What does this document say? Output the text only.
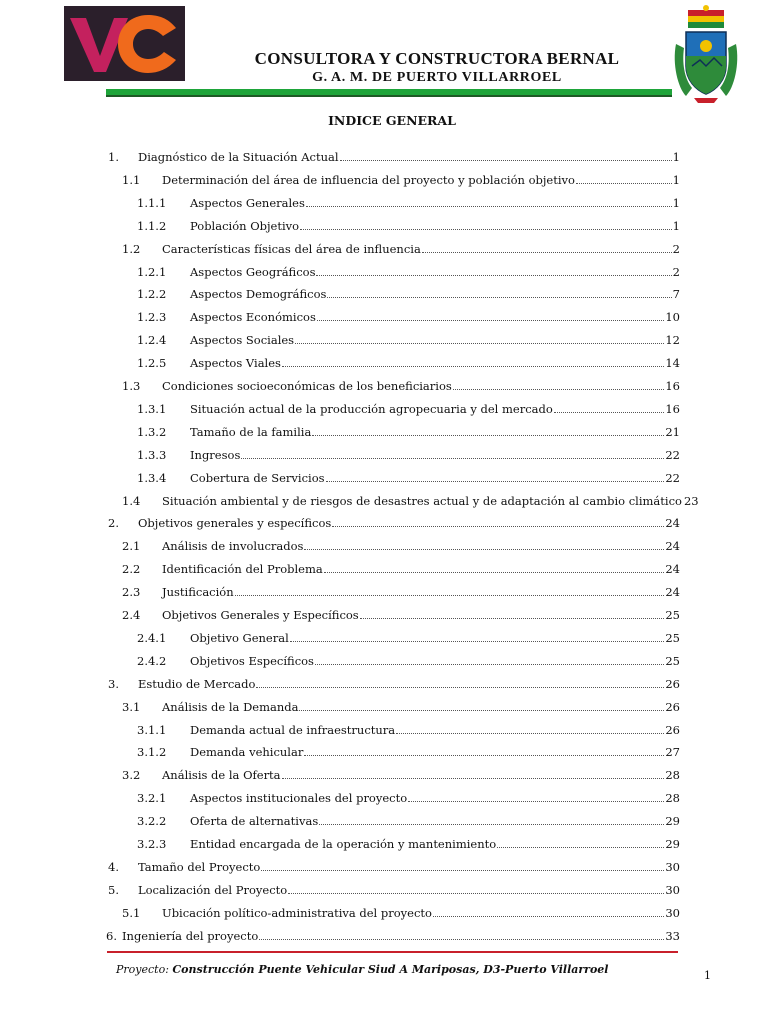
CONSULTORA Y CONSTRUCTORA BERNAL
G. A. M. DE PUERTO VILLARROEL
INDICE GENERAL
1. Diagnóstico de la Situación Actual	1
1.1 Determinación del área de influencia del proyecto y población objetivo	1
1.1.1 Aspectos Generales	1
1.1.2 Población Objetivo	1
1.2 Características físicas del área de influencia	2
1.2.1 Aspectos Geográficos	2
1.2.2 Aspectos Demográficos	7
1.2.3 Aspectos Económicos	10
1.2.4 Aspectos Sociales	12
1.2.5 Aspectos Viales	14
1.3 Condiciones socioeconómicas de los beneficiarios	16
1.3.1 Situación actual de la producción agropecuaria y del mercado	16
1.3.2 Tamaño de la familia	21
1.3.3 Ingresos	22
1.3.4 Cobertura de Servicios	22
1.4 Situación ambiental y de riesgos de desastres actual y de adaptación al cambio climático 23
2. Objetivos generales y específicos	24
2.1 Análisis de involucrados	24
2.2 Identificación del Problema	24
2.3 Justificación	24
2.4 Objetivos Generales y Específicos	25
2.4.1 Objetivo General	25
2.4.2 Objetivos Específicos	25
3. Estudio de Mercado	26
3.1 Análisis de la Demanda	26
3.1.1 Demanda actual de infraestructura	26
3.1.2 Demanda vehicular	27
3.2 Análisis de la Oferta	28
3.2.1 Aspectos institucionales del proyecto	28
3.2.2 Oferta de alternativas	29
3.2.3 Entidad encargada de la operación y mantenimiento	29
4. Tamaño del Proyecto	30
5. Localización del Proyecto	30
5.1 Ubicación político-administrativa del proyecto	30
6. Ingeniería del proyecto	33
Proyecto: Construcción Puente Vehicular Siud A Mariposas, D3-Puerto Villarroel	1
